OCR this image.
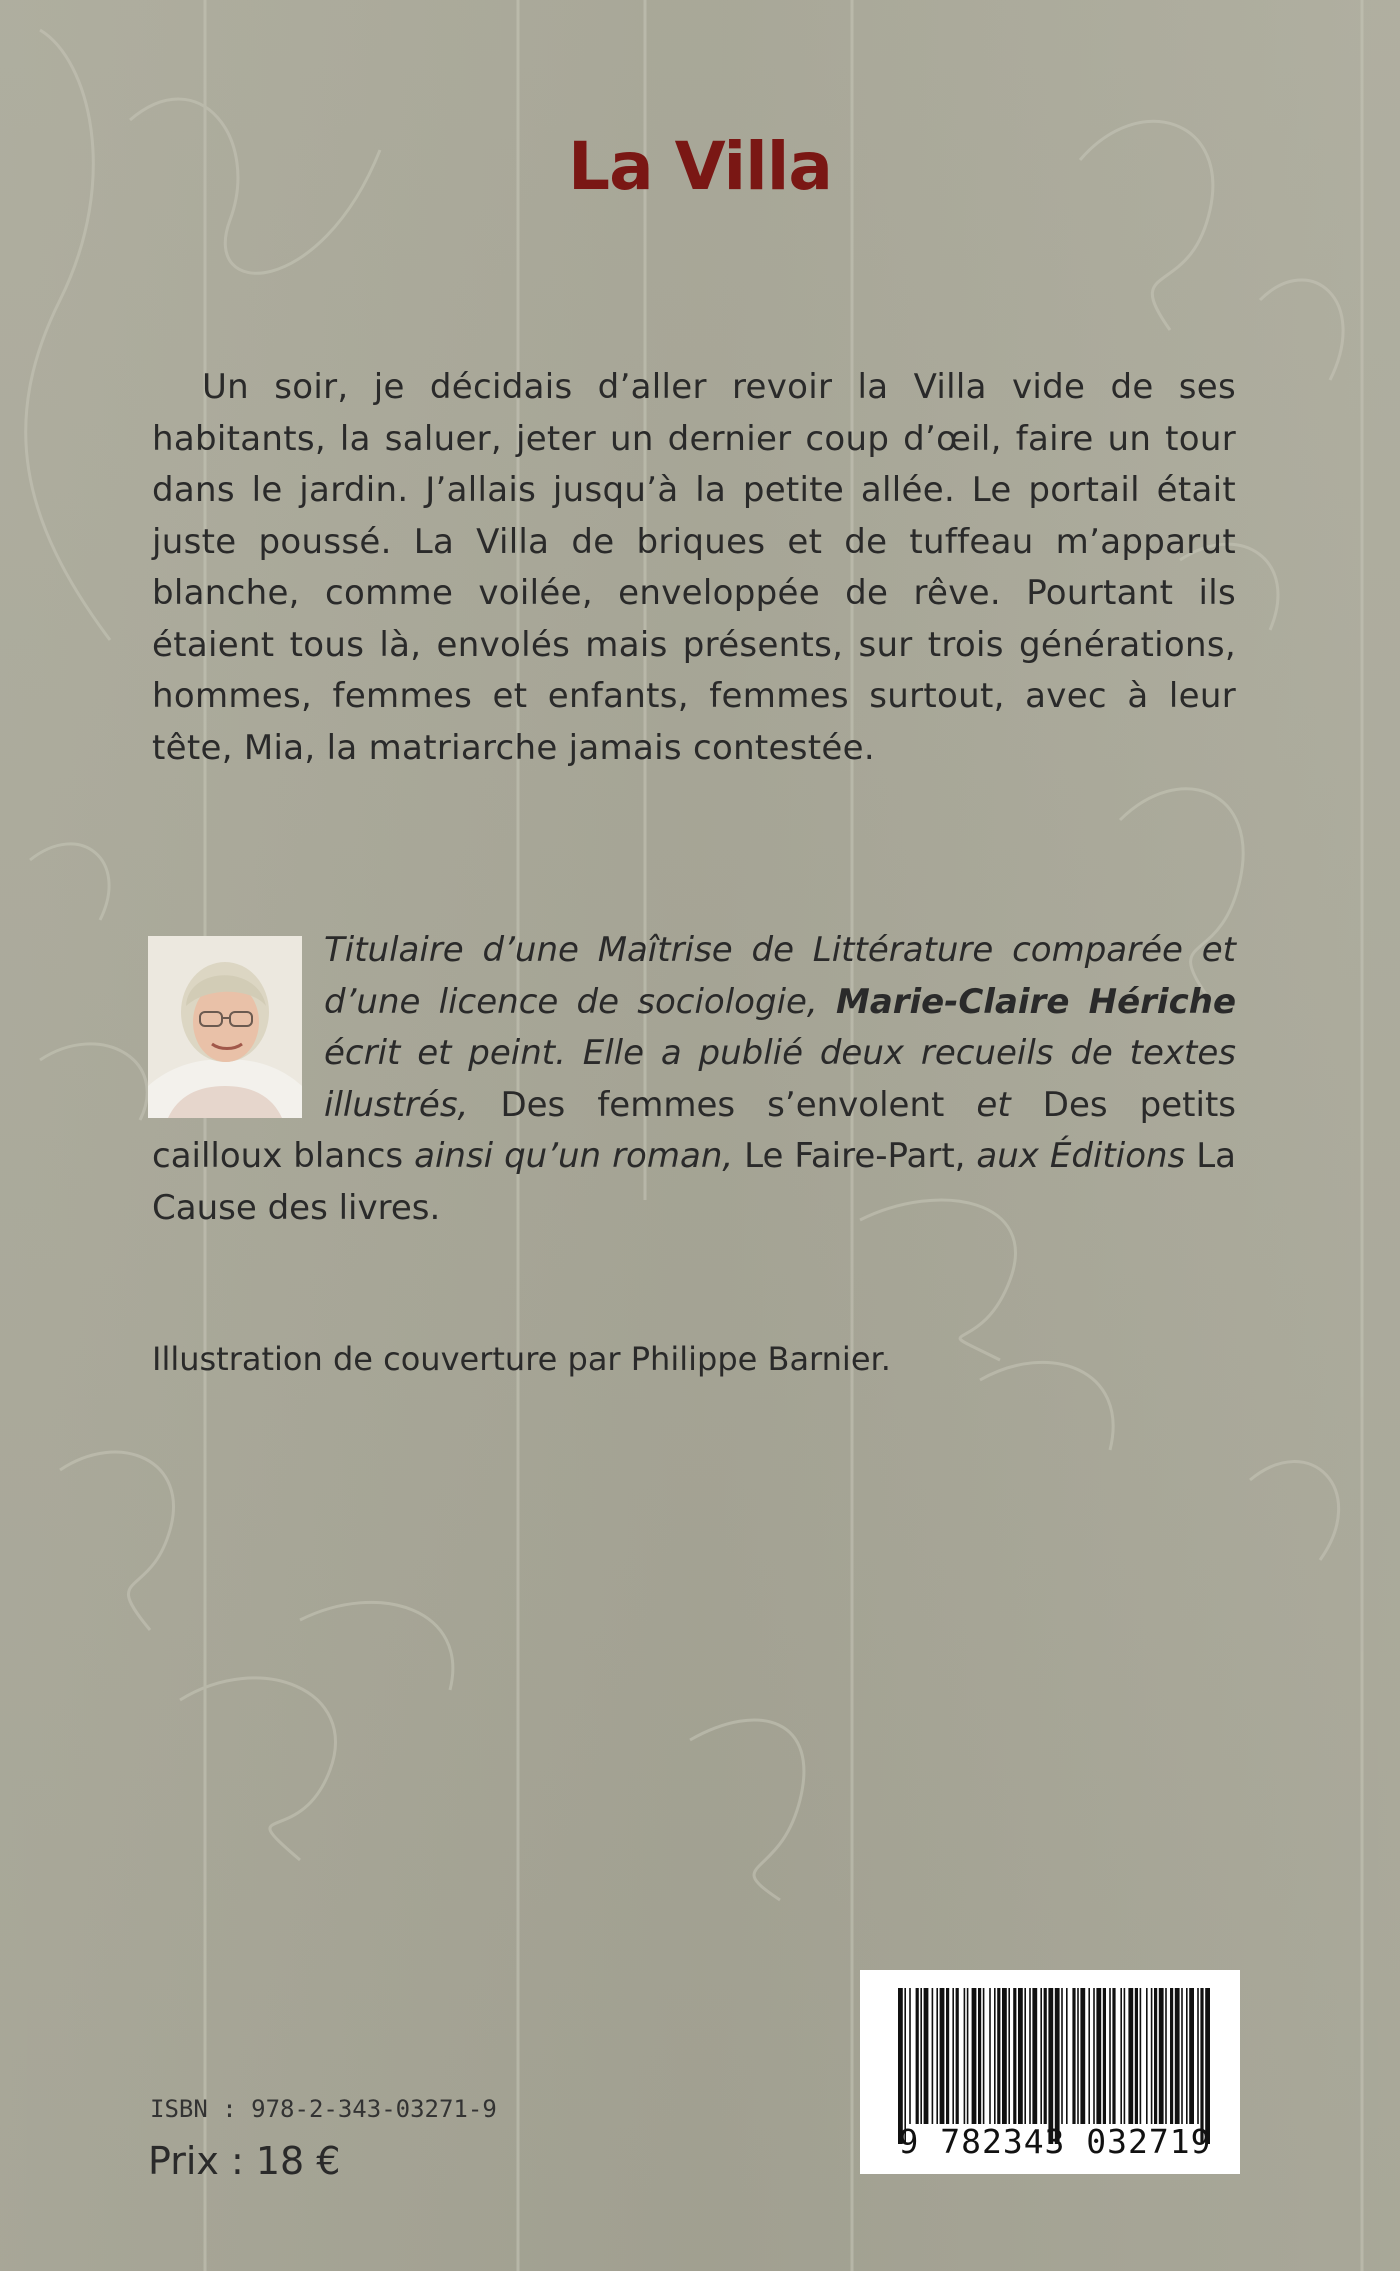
La Villa

Un soir, je décidais d’aller revoir la Villa vide de ses habitants, la saluer, jeter un dernier coup d’œil, faire un tour dans le jardin. J’allais jusqu’à la petite allée. Le portail était juste poussé. La Villa de briques et de tuffeau m’apparut blanche, comme voilée, enveloppée de rêve. Pourtant ils étaient tous là, envolés mais présents, sur trois générations, hommes, femmes et enfants, femmes surtout, avec à leur tête, Mia, la matriarche jamais contestée.

Titulaire d’une Maîtrise de Littérature comparée et d’une licence de sociologie, Marie-Claire Hériche écrit et peint. Elle a publié deux recueils de textes illustrés, Des femmes s’envolent et Des petits cailloux blancs ainsi qu’un roman, Le Faire-Part, aux Éditions La Cause des livres.

Illustration de couverture par Philippe Barnier.

ISBN : 978-2-343-03271-9
Prix : 18 €	9 782343 032719
